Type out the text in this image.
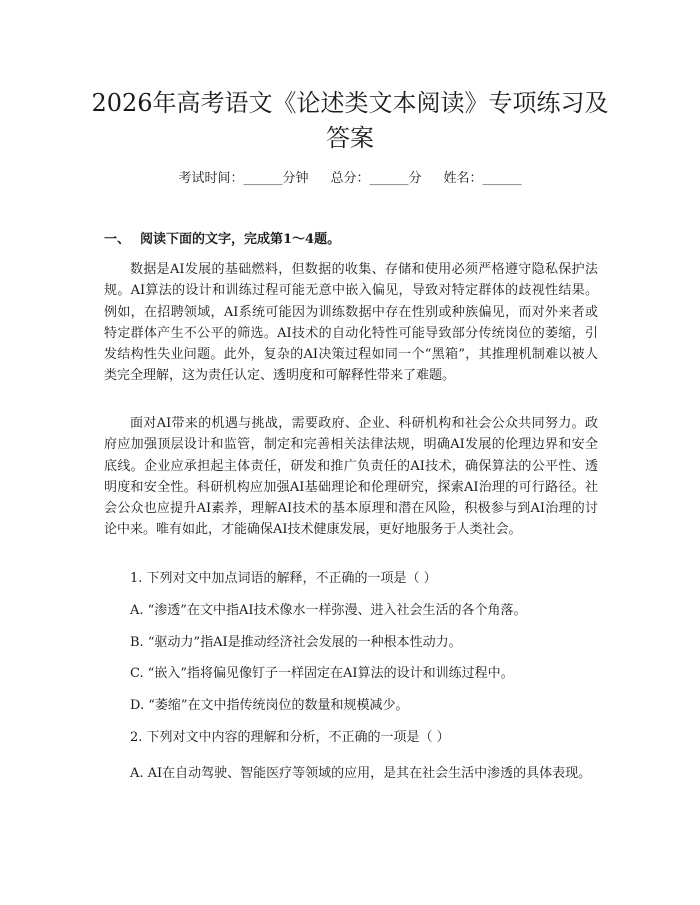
2026年高考语文《论述类文本阅读》专项练习及答案
考试时间：______分钟 总分：______分 姓名：______
一、 阅读下面的文字，完成第1～4题。

数据是AI发展的基础燃料，但数据的收集、存储和使用必须严格遵守隐私保护法规。AI算法的设计和训练过程可能无意中嵌入偏见，导致对特定群体的歧视性结果。例如，在招聘领域，AI系统可能因为训练数据中存在性别或种族偏见，而对外来者或特定群体产生不公平的筛选。AI技术的自动化特性可能导致部分传统岗位的萎缩，引发结构性失业问题。此外，复杂的AI决策过程如同一个“黑箱”，其推理机制难以被人类完全理解，这为责任认定、透明度和可解释性带来了难题。

面对AI带来的机遇与挑战，需要政府、企业、科研机构和社会公众共同努力。政府应加强顶层设计和监管，制定和完善相关法律法规，明确AI发展的伦理边界和安全底线。企业应承担起主体责任，研发和推广负责任的AI技术，确保算法的公平性、透明度和安全性。科研机构应加强AI基础理论和伦理研究，探索AI治理的可行路径。社会公众也应提升AI素养，理解AI技术的基本原理和潜在风险，积极参与到AI治理的讨论中来。唯有如此，才能确保AI技术健康发展，更好地服务于人类社会。

1. 下列对文中加点词语的解释，不正确的一项是（ ）

A. “渗透”在文中指AI技术像水一样弥漫、进入社会生活的各个角落。

B. “驱动力”指AI是推动经济社会发展的一种根本性动力。

C. “嵌入”指将偏见像钉子一样固定在AI算法的设计和训练过程中。

D. “萎缩”在文中指传统岗位的数量和规模减少。

2. 下列对文中内容的理解和分析，不正确的一项是（ ）

A. AI在自动驾驶、智能医疗等领域的应用，是其在社会生活中渗透的具体表现。
